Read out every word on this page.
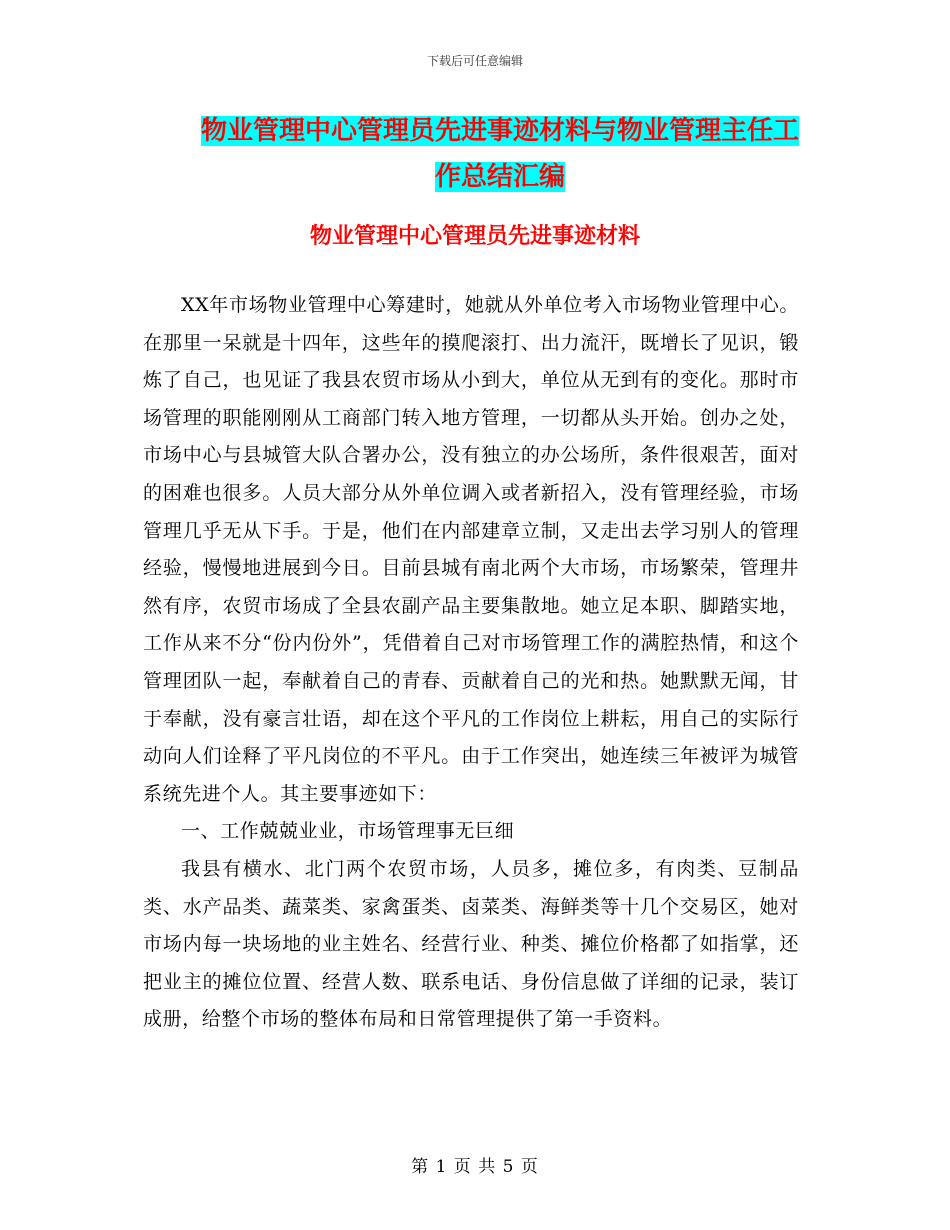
下载后可任意编辑
物业管理中心管理员先进事迹材料与物业管理主任工
作总结汇编
物业管理中心管理员先进事迹材料

XX年市场物业管理中心筹建时，她就从外单位考入市场物业管理中心。在那里一呆就是十四年，这些年的摸爬滚打、出力流汗，既增长了见识，锻炼了自己，也见证了我县农贸市场从小到大，单位从无到有的变化。那时市场管理的职能刚刚从工商部门转入地方管理，一切都从头开始。创办之处，市场中心与县城管大队合署办公，没有独立的办公场所，条件很艰苦，面对的困难也很多。人员大部分从外单位调入或者新招入，没有管理经验，市场管理几乎无从下手。于是，他们在内部建章立制，又走出去学习别人的管理经验，慢慢地进展到今日。目前县城有南北两个大市场，市场繁荣，管理井然有序，农贸市场成了全县农副产品主要集散地。她立足本职、脚踏实地，工作从来不分“份内份外”，凭借着自己对市场管理工作的满腔热情，和这个管理团队一起，奉献着自己的青春、贡献着自己的光和热。她默默无闻，甘于奉献，没有豪言壮语，却在这个平凡的工作岗位上耕耘，用自己的实际行动向人们诠释了平凡岗位的不平凡。由于工作突出，她连续三年被评为城管系统先进个人。其主要事迹如下：

一、工作兢兢业业，市场管理事无巨细

我县有横水、北门两个农贸市场，人员多，摊位多，有肉类、豆制品类、水产品类、蔬菜类、家禽蛋类、卤菜类、海鲜类等十几个交易区，她对市场内每一块场地的业主姓名、经营行业、种类、摊位价格都了如指掌，还把业主的摊位位置、经营人数、联系电话、身份信息做了详细的记录，装订成册，给整个市场的整体布局和日常管理提供了第一手资料。

第 1 页 共 5 页
